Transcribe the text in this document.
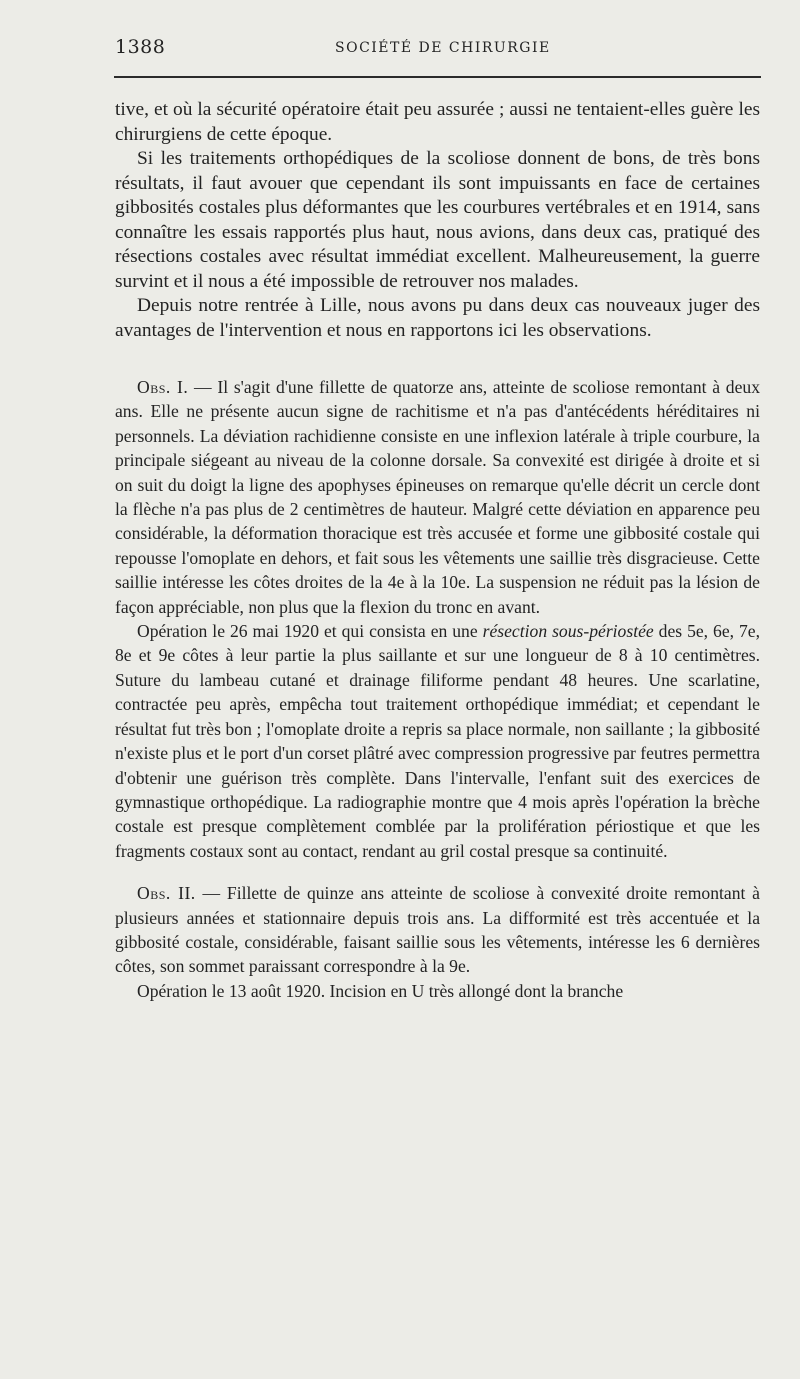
1388	SOCIÉTÉ DE CHIRURGIE

tive, et où la sécurité opératoire était peu assurée ; aussi ne tentaient-elles guère les chirurgiens de cette époque.

Si les traitements orthopédiques de la scoliose donnent de bons, de très bons résultats, il faut avouer que cependant ils sont impuissants en face de certaines gibbosités costales plus déformantes que les courbures vertébrales et en 1914, sans connaître les essais rapportés plus haut, nous avions, dans deux cas, pratiqué des résections costales avec résultat immédiat excellent. Malheureusement, la guerre survint et il nous a été impossible de retrouver nos malades.

Depuis notre rentrée à Lille, nous avons pu dans deux cas nouveaux juger des avantages de l'intervention et nous en rapportons ici les observations.

Obs. I. — Il s'agit d'une fillette de quatorze ans, atteinte de scoliose remontant à deux ans. Elle ne présente aucun signe de rachitisme et n'a pas d'antécédents héréditaires ni personnels. La déviation rachidienne consiste en une inflexion latérale à triple courbure, la principale siégeant au niveau de la colonne dorsale. Sa convexité est dirigée à droite et si on suit du doigt la ligne des apophyses épineuses on remarque qu'elle décrit un cercle dont la flèche n'a pas plus de 2 centimètres de hauteur. Malgré cette déviation en apparence peu considérable, la déformation thoracique est très accusée et forme une gibbosité costale qui repousse l'omoplate en dehors, et fait sous les vêtements une saillie très disgracieuse. Cette saillie intéresse les côtes droites de la 4e à la 10e. La suspension ne réduit pas la lésion de façon appréciable, non plus que la flexion du tronc en avant.

Opération le 26 mai 1920 et qui consista en une résection sous-périostée des 5e, 6e, 7e, 8e et 9e côtes à leur partie la plus saillante et sur une longueur de 8 à 10 centimètres. Suture du lambeau cutané et drainage filiforme pendant 48 heures. Une scarlatine, contractée peu après, empêcha tout traitement orthopédique immédiat; et cependant le résultat fut très bon ; l'omoplate droite a repris sa place normale, non saillante ; la gibbosité n'existe plus et le port d'un corset plâtré avec compression progressive par feutres permettra d'obtenir une guérison très complète. Dans l'intervalle, l'enfant suit des exercices de gymnastique orthopédique. La radiographie montre que 4 mois après l'opération la brèche costale est presque complètement comblée par la prolifération périostique et que les fragments costaux sont au contact, rendant au gril costal presque sa continuité.

Obs. II. — Fillette de quinze ans atteinte de scoliose à convexité droite remontant à plusieurs années et stationnaire depuis trois ans. La difformité est très accentuée et la gibbosité costale, considérable, faisant saillie sous les vêtements, intéresse les 6 dernières côtes, son sommet paraissant correspondre à la 9e.

Opération le 13 août 1920. Incision en U très allongé dont la branche
